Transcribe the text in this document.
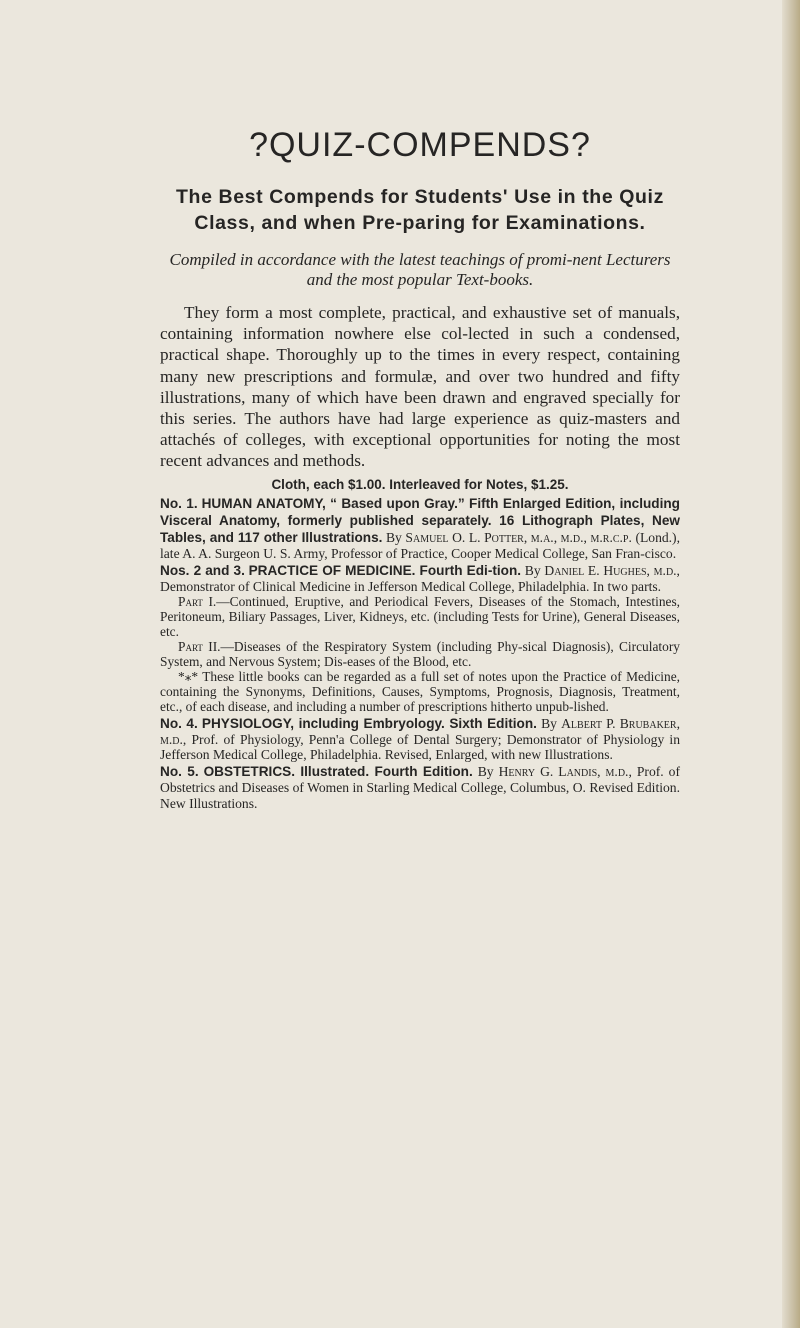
?QUIZ-COMPENDS?
The Best Compends for Students' Use in the Quiz Class, and when Pre-paring for Examinations.
Compiled in accordance with the latest teachings of promi-nent Lecturers and the most popular Text-books.

They form a most complete, practical, and exhaustive set of manuals, containing information nowhere else col-lected in such a condensed, practical shape. Thoroughly up to the times in every respect, containing many new prescriptions and formulæ, and over two hundred and fifty illustrations, many of which have been drawn and engraved specially for this series. The authors have had large experience as quiz-masters and attachés of colleges, with exceptional opportunities for noting the most recent advances and methods.

Cloth, each $1.00. Interleaved for Notes, $1.25.
No. 1. HUMAN ANATOMY, “ Based upon Gray.” Fifth Enlarged Edition, including Visceral Anatomy, formerly published separately. 16 Lithograph Plates, New Tables, and 117 other Illustrations. By Samuel O. L. Potter, m.a., m.d., m.r.c.p. (Lond.), late A. A. Surgeon U. S. Army, Professor of Practice, Cooper Medical College, San Fran-cisco.
Nos. 2 and 3. PRACTICE OF MEDICINE. Fourth Edi-tion. By Daniel E. Hughes, m.d., Demonstrator of Clinical Medicine in Jefferson Medical College, Philadelphia. In two parts.

Part I.—Continued, Eruptive, and Periodical Fevers, Diseases of the Stomach, Intestines, Peritoneum, Biliary Passages, Liver, Kidneys, etc. (including Tests for Urine), General Diseases, etc.

Part II.—Diseases of the Respiratory System (including Phy-sical Diagnosis), Circulatory System, and Nervous System; Dis-eases of the Blood, etc.

*⁎* These little books can be regarded as a full set of notes upon the Practice of Medicine, containing the Synonyms, Definitions, Causes, Symptoms, Prognosis, Diagnosis, Treatment, etc., of each disease, and including a number of prescriptions hitherto unpub-lished.

No. 4. PHYSIOLOGY, including Embryology. Sixth Edition. By Albert P. Brubaker, m.d., Prof. of Physiology, Penn'a College of Dental Surgery; Demonstrator of Physiology in Jefferson Medical College, Philadelphia. Revised, Enlarged, with new Illustrations.
No. 5. OBSTETRICS. Illustrated. Fourth Edition. By Henry G. Landis, m.d., Prof. of Obstetrics and Diseases of Women in Starling Medical College, Columbus, O. Revised Edition. New Illustrations.
